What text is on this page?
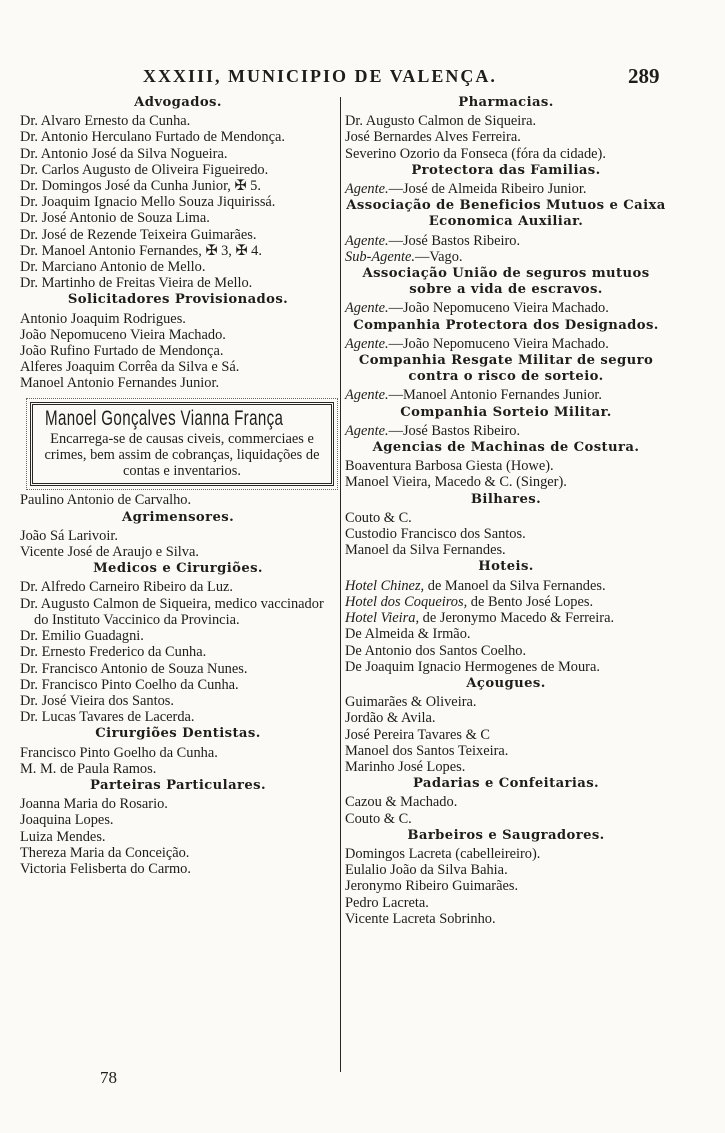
XXXIII, MUNICIPIO DE VALENÇA.	289
Advogados.

Dr. Alvaro Ernesto da Cunha.

Dr. Antonio Herculano Furtado de Mendonça.

Dr. Antonio José da Silva Nogueira.

Dr. Carlos Augusto de Oliveira Figueiredo.

Dr. Domingos José da Cunha Junior, ✠ 5.

Dr. Joaquim Ignacio Mello Souza Jiquirissá.

Dr. José Antonio de Souza Lima.

Dr. José de Rezende Teixeira Guimarães.

Dr. Manoel Antonio Fernandes, ✠ 3, ✠ 4.

Dr. Marciano Antonio de Mello.

Dr. Martinho de Freitas Vieira de Mello.

Solicitadores Provisionados.

Antonio Joaquim Rodrigues.

João Nepomuceno Vieira Machado.

João Rufino Furtado de Mendonça.

Alferes Joaquim Corrêa da Silva e Sá.

Manoel Antonio Fernandes Junior.

Manoel Gonçalves Vianna França
Encarrega-se de causas civeis, commerciaes e crimes, bem assim de cobranças, liquidações de contas e inventarios.

Paulino Antonio de Carvalho.

Agrimensores.

João Sá Larivoir.

Vicente José de Araujo e Silva.

Medicos e Cirurgiões.

Dr. Alfredo Carneiro Ribeiro da Luz.

Dr. Augusto Calmon de Siqueira, medico vaccinador do Instituto Vaccinico da Provincia.

Dr. Emilio Guadagni.

Dr. Ernesto Frederico da Cunha.

Dr. Francisco Antonio de Souza Nunes.

Dr. Francisco Pinto Coelho da Cunha.

Dr. José Vieira dos Santos.

Dr. Lucas Tavares de Lacerda.

Cirurgiões Dentistas.

Francisco Pinto Goelho da Cunha.

M. M. de Paula Ramos.

Parteiras Particulares.

Joanna Maria do Rosario.

Joaquina Lopes.

Luiza Mendes.

Thereza Maria da Conceição.

Victoria Felisberta do Carmo.

Pharmacias.

Dr. Augusto Calmon de Siqueira.

José Bernardes Alves Ferreira.

Severino Ozorio da Fonseca (fóra da cidade).

Protectora das Familias.

Agente.—José de Almeida Ribeiro Junior.

Associação de Beneficios Mutuos e Caixa Economica Auxiliar.

Agente.—José Bastos Ribeiro.

Sub-Agente.—Vago.

Associação União de seguros mutuos sobre a vida de escravos.

Agente.—João Nepomuceno Vieira Machado.

Companhia Protectora dos Designados.

Agente.—João Nepomuceno Vieira Machado.

Companhia Resgate Militar de seguro contra o risco de sorteio.

Agente.—Manoel Antonio Fernandes Junior.

Companhia Sorteio Militar.

Agente.—José Bastos Ribeiro.

Agencias de Machinas de Costura.

Boaventura Barbosa Giesta (Howe).

Manoel Vieira, Macedo & C. (Singer).

Bilhares.

Couto & C.

Custodio Francisco dos Santos.

Manoel da Silva Fernandes.

Hoteis.

Hotel Chinez, de Manoel da Silva Fernandes.

Hotel dos Coqueiros, de Bento José Lopes.

Hotel Vieira, de Jeronymo Macedo & Ferreira.

De Almeida & Irmão.

De Antonio dos Santos Coelho.

De Joaquim Ignacio Hermogenes de Moura.

Açougues.

Guimarães & Oliveira.

Jordão & Avila.

José Pereira Tavares & C

Manoel dos Santos Teixeira.

Marinho José Lopes.

Padarias e Confeitarias.

Cazou & Machado.

Couto & C.

Barbeiros e Saugradores.

Domingos Lacreta (cabelleireiro).

Eulalio João da Silva Bahia.

Jeronymo Ribeiro Guimarães.

Pedro Lacreta.

Vicente Lacreta Sobrinho.

78
